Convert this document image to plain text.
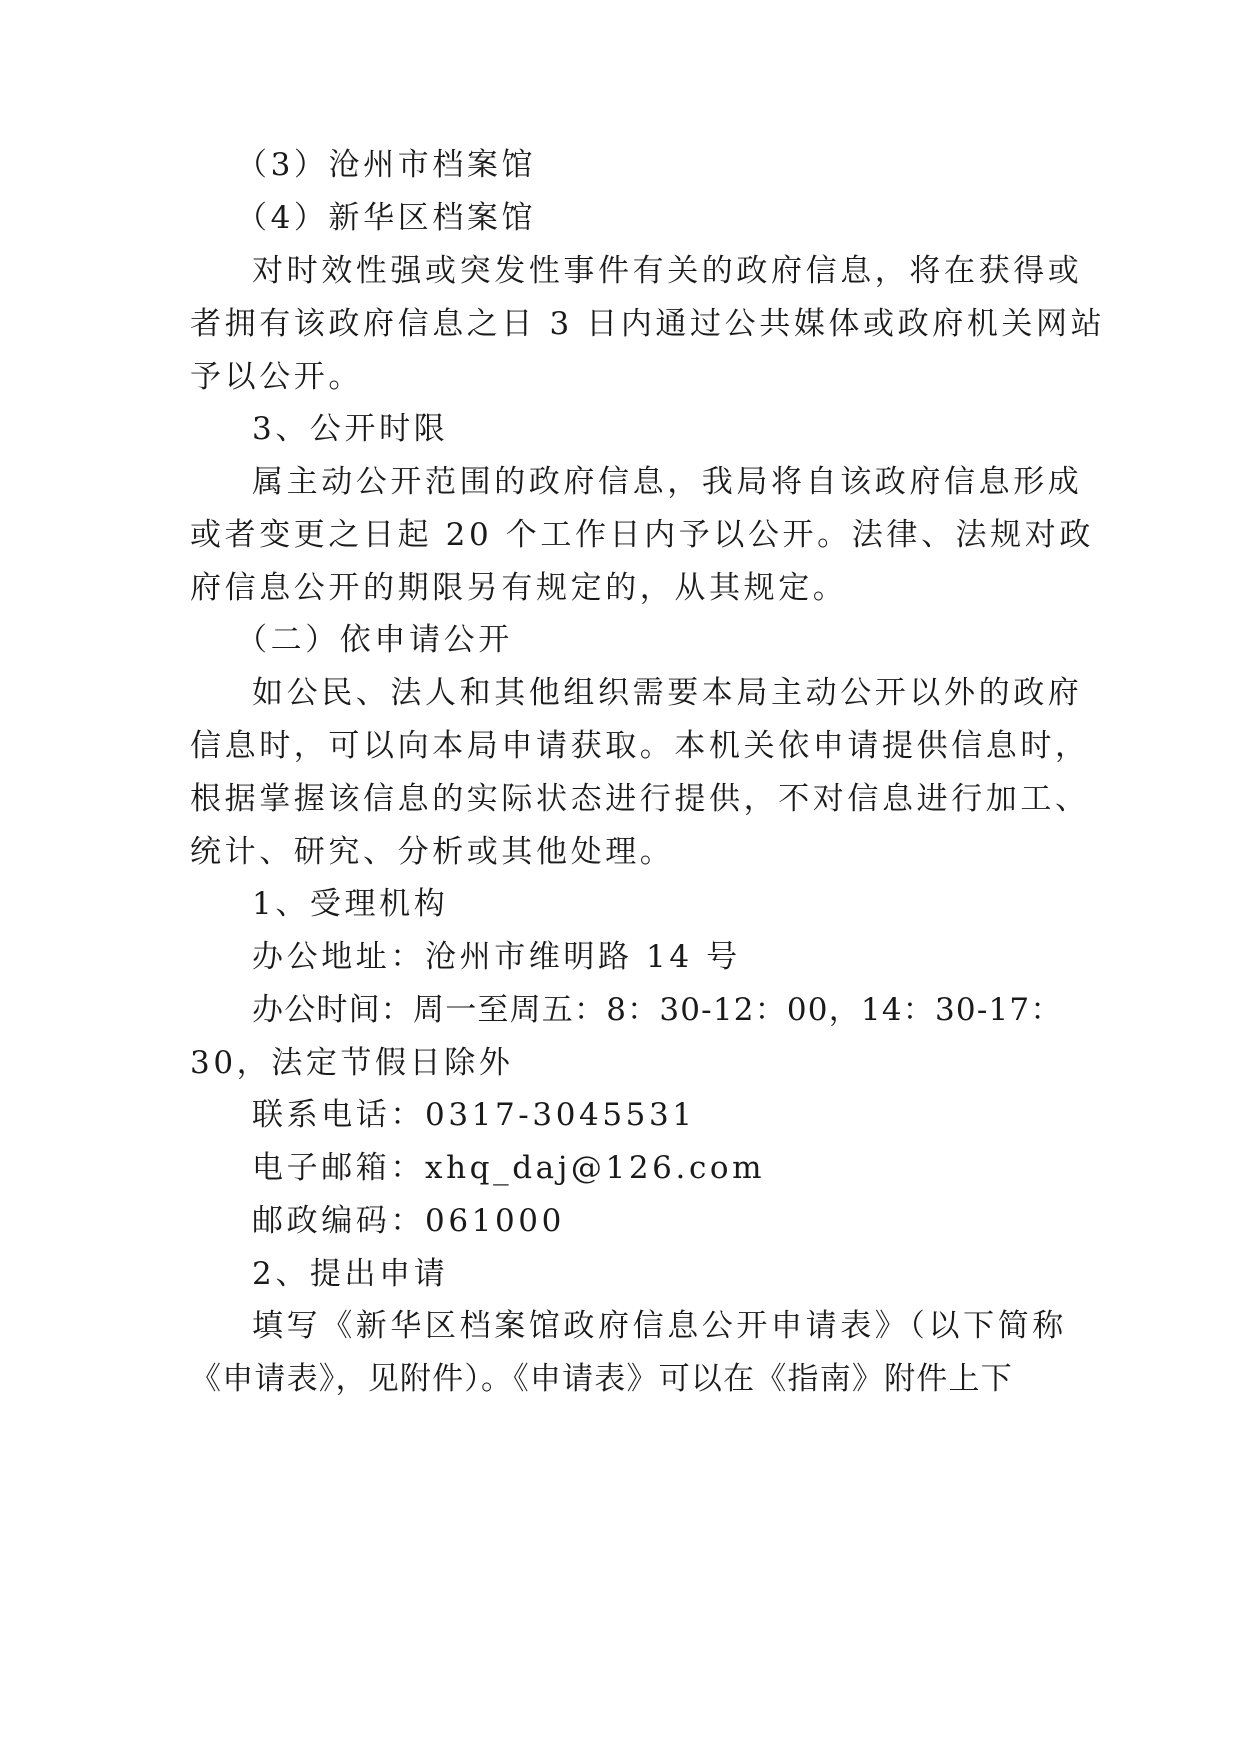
（3）沧州市档案馆
（4）新华区档案馆
对时效性强或突发性事件有关的政府信息，将在获得或
者拥有该政府信息之日 3 日内通过公共媒体或政府机关网站
予以公开。
3、公开时限
属主动公开范围的政府信息，我局将自该政府信息形成
或者变更之日起 20 个工作日内予以公开。法律、法规对政
府信息公开的期限另有规定的，从其规定。
（二）依申请公开
如公民、法人和其他组织需要本局主动公开以外的政府
信息时，可以向本局申请获取。本机关依申请提供信息时，
根据掌握该信息的实际状态进行提供，不对信息进行加工、
统计、研究、分析或其他处理。
1、受理机构
办公地址：沧州市维明路 14 号
办公时间：周一至周五：8：30-12：00，14：30-17：
30，法定节假日除外
联系电话：0317-3045531
电子邮箱：xhq_daj@126.com
邮政编码：061000
2、提出申请
填写《新华区档案馆政府信息公开申请表》（以下简称
《申请表》，见附件）。《申请表》可以在《指南》附件上下
